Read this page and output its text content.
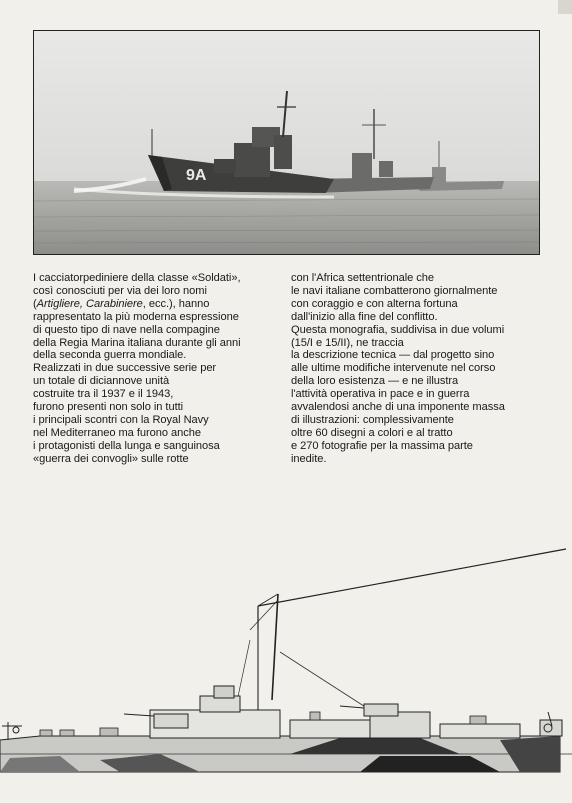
9A
I cacciatorpediniere della classe «Soldati»,
così conosciuti per via dei loro nomi
(Artigliere, Carabiniere, ecc.), hanno
rappresentato la più moderna espressione
di questo tipo di nave nella compagine
della Regia Marina italiana durante gli anni
della seconda guerra mondiale.
Realizzati in due successive serie per
un totale di diciannove unità
costruite tra il 1937 e il 1943,
furono presenti non solo in tutti
i principali scontri con la Royal Navy
nel Mediterraneo ma furono anche
i protagonisti della lunga e sanguinosa
«guerra dei convogli» sulle rotte
con l'Africa settentrionale che
le navi italiane combatterono giornalmente
con coraggio e con alterna fortuna
dall'inizio alla fine del conflitto.
Questa monografia, suddivisa in due volumi
(15/I e 15/II), ne traccia
la descrizione tecnica — dal progetto sino
alle ultime modifiche intervenute nel corso
della loro esistenza — e ne illustra
l'attività operativa in pace e in guerra
avvalendosi anche di una imponente massa
di illustrazioni: complessivamente
oltre 60 disegni a colori e al tratto
e 270 fotografie per la massima parte
inedite.
